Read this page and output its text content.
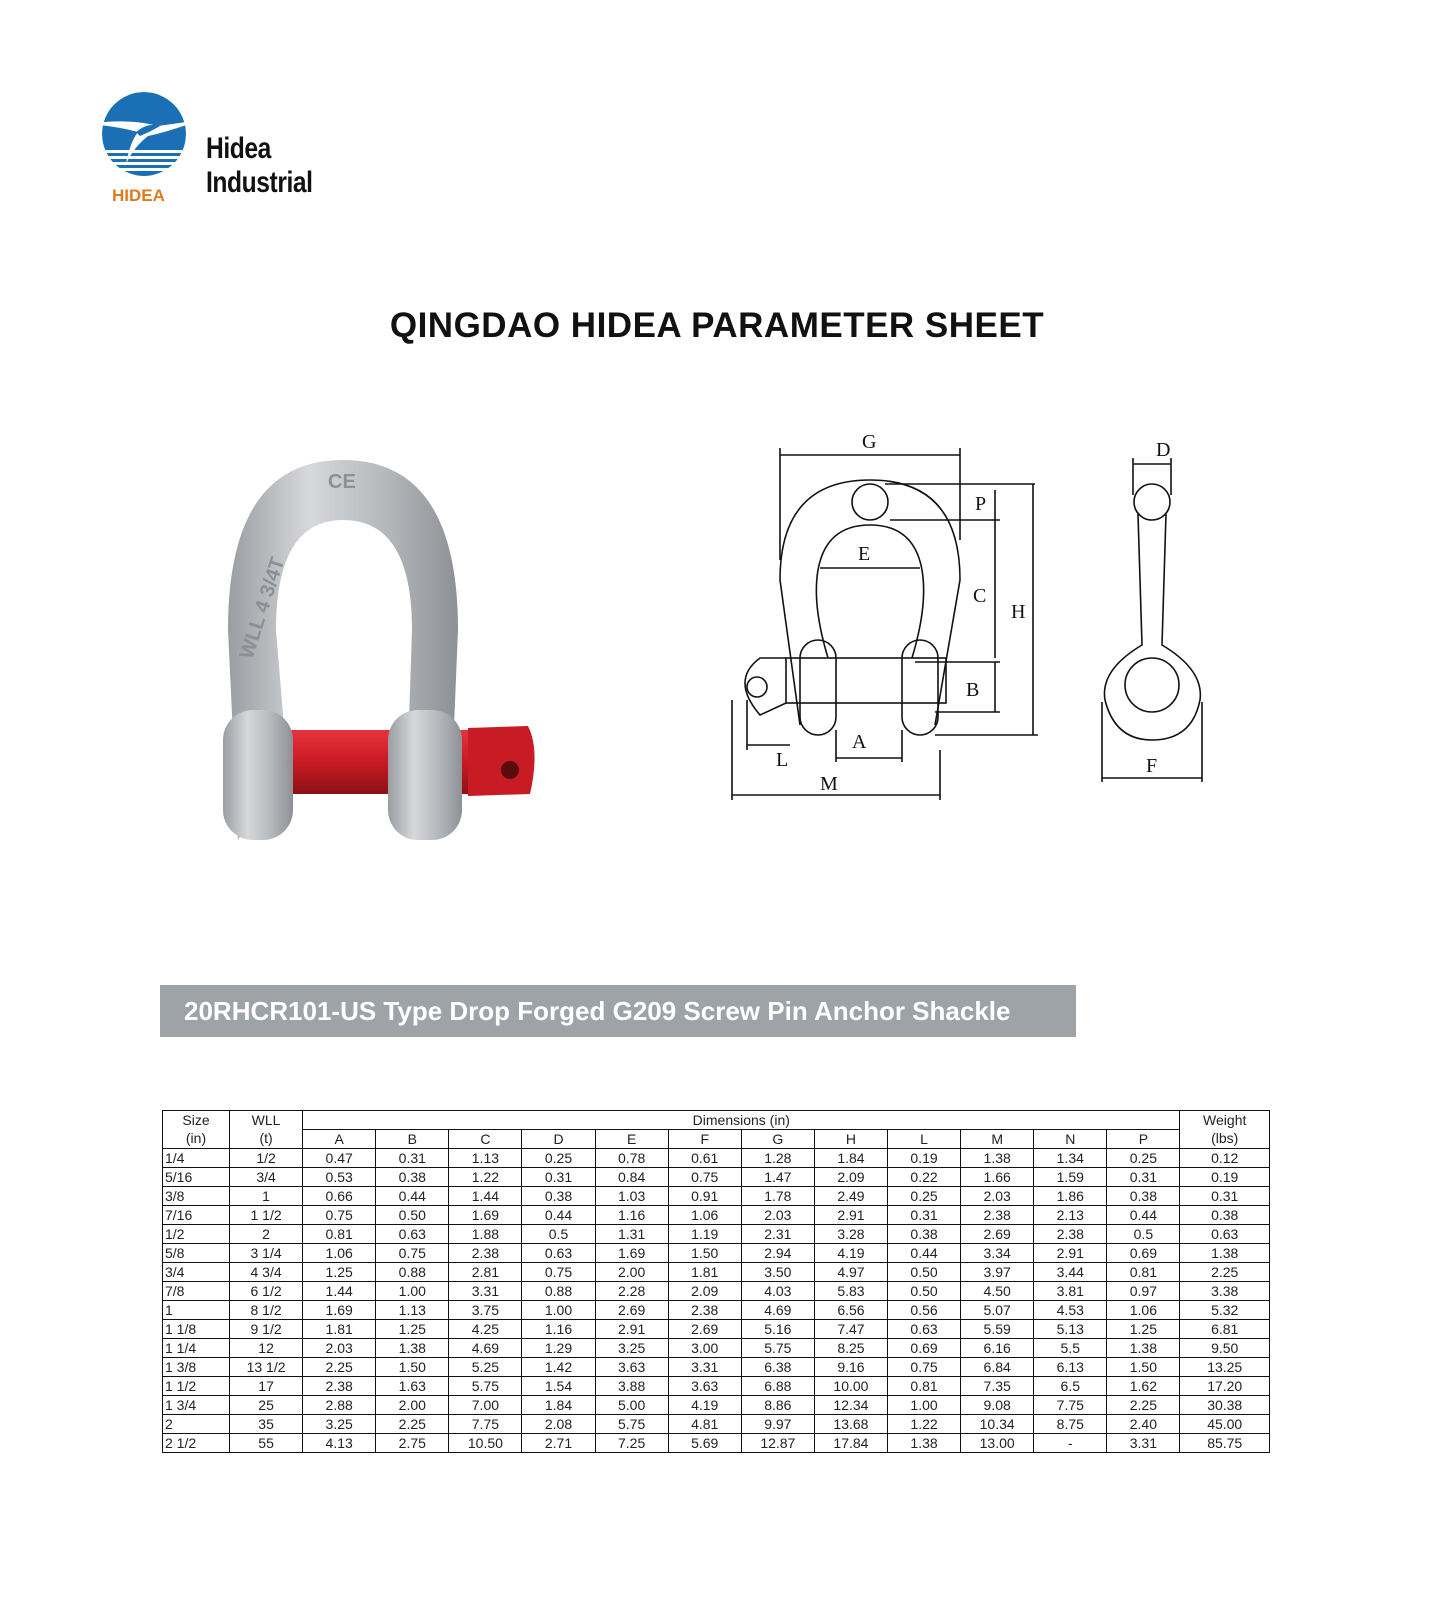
HIDEA
Hidea Industrial
QINGDAO HIDEA PARAMETER SHEET
WLL 4 3/4T
CE
G	D
P
E
C
H
B
A
L
M
F
20RHCR101-US Type Drop Forged G209 Screw Pin Anchor Shackle
Size	WLL	Dimensions (in)												Weight
(in)	(t)	A	B	C	D	E	F	G	H	L	M	N	P	(lbs)
1/4	1/2	0.47	0.31	1.13	0.25	0.78	0.61	1.28	1.84	0.19	1.38	1.34	0.25	0.12
5/16	3/4	0.53	0.38	1.22	0.31	0.84	0.75	1.47	2.09	0.22	1.66	1.59	0.31	0.19
3/8	1	0.66	0.44	1.44	0.38	1.03	0.91	1.78	2.49	0.25	2.03	1.86	0.38	0.31
7/16	1 1/2	0.75	0.50	1.69	0.44	1.16	1.06	2.03	2.91	0.31	2.38	2.13	0.44	0.38
1/2	2	0.81	0.63	1.88	0.5	1.31	1.19	2.31	3.28	0.38	2.69	2.38	0.5	0.63
5/8	3 1/4	1.06	0.75	2.38	0.63	1.69	1.50	2.94	4.19	0.44	3.34	2.91	0.69	1.38
3/4	4 3/4	1.25	0.88	2.81	0.75	2.00	1.81	3.50	4.97	0.50	3.97	3.44	0.81	2.25
7/8	6 1/2	1.44	1.00	3.31	0.88	2.28	2.09	4.03	5.83	0.50	4.50	3.81	0.97	3.38
1	8 1/2	1.69	1.13	3.75	1.00	2.69	2.38	4.69	6.56	0.56	5.07	4.53	1.06	5.32
1 1/8	9 1/2	1.81	1.25	4.25	1.16	2.91	2.69	5.16	7.47	0.63	5.59	5.13	1.25	6.81
1 1/4	12	2.03	1.38	4.69	1.29	3.25	3.00	5.75	8.25	0.69	6.16	5.5	1.38	9.50
1 3/8	13 1/2	2.25	1.50	5.25	1.42	3.63	3.31	6.38	9.16	0.75	6.84	6.13	1.50	13.25
1 1/2	17	2.38	1.63	5.75	1.54	3.88	3.63	6.88	10.00	0.81	7.35	6.5	1.62	17.20
1 3/4	25	2.88	2.00	7.00	1.84	5.00	4.19	8.86	12.34	1.00	9.08	7.75	2.25	30.38
2	35	3.25	2.25	7.75	2.08	5.75	4.81	9.97	13.68	1.22	10.34	8.75	2.40	45.00
2 1/2	55	4.13	2.75	10.50	2.71	7.25	5.69	12.87	17.84	1.38	13.00	-	3.31	85.75
